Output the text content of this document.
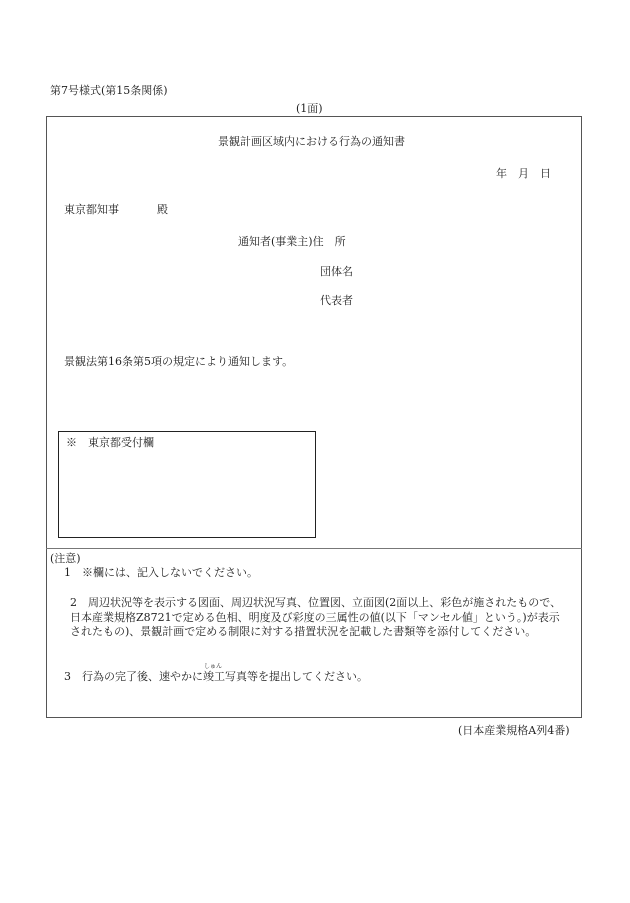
第7号様式(第15条関係)
(1面)
景観計画区域内における行為の通知書
年　月　日
東京都知事	殿
通知者(事業主)住　所
団体名
代表者
景観法第16条第5項の規定により通知します。
※　東京都受付欄
(注意)
1　※欄には、記入しないでください。
2　周辺状況等を表示する図面、周辺状況写真、位置図、立面図(2面以上、彩色が施されたもので、日本産業規格Z8721で定める色相、明度及び彩度の三属性の値(以下「マンセル値」という。)が表示されたもの)、景観計画で定める制限に対する措置状況を記載した書類等を添付してください。
しゅん
3　行為の完了後、速やかに竣工写真等を提出してください。
(日本産業規格A列4番)
